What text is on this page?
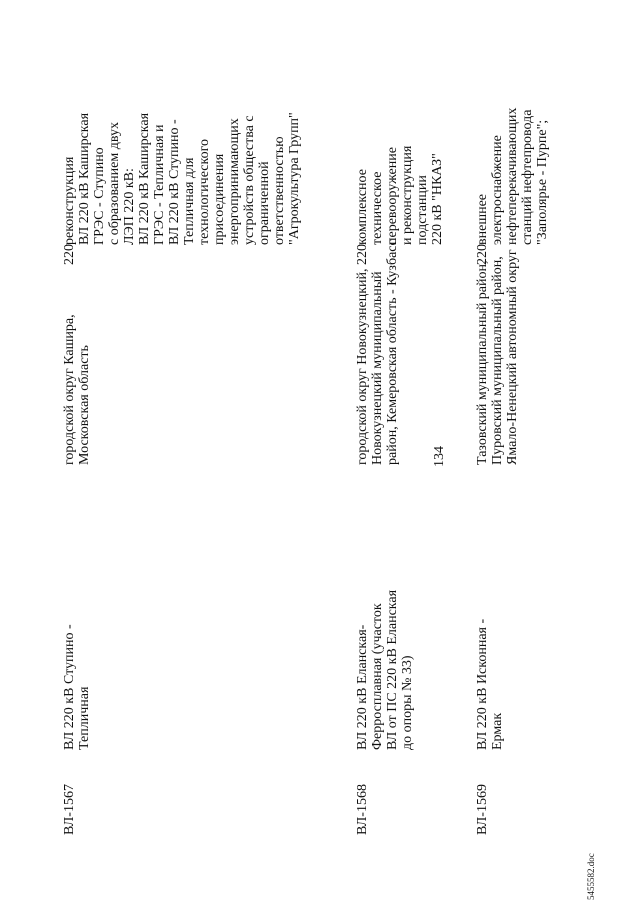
134
5455582.doc
ВЛ-1567
ВЛ 220 кВ Ступино - Тепличная
городской округ Кашира, Московская область
220
реконструкция ВЛ 220 кВ Каширская ГРЭС - Ступино с образованием двух ЛЭП 220 кВ: ВЛ 220 кВ Каширская ГРЭС - Тепличная и ВЛ 220 кВ Ступино - Тепличная для технологического присоединения энергопринимающих устройств общества с ограниченной ответственностью "Агрокультура Групп"
ВЛ-1568
ВЛ 220 кВ Еланская- Ферросплавная (участок ВЛ от ПС 220 кВ Еланская до опоры № 33)
городской округ Новокузнецкий, Новокузнецкий муниципальный район, Кемеровская область - Кузбасс
220
комплексное техническое перевооружение и реконструкция подстанции 220 кВ "НКАЗ"
ВЛ-1569
ВЛ 220 кВ Исконная - Ермак
Тазовский муниципальный район, Пуровский муниципальный район, Ямало-Ненецкий автономный округ
220
внешнее электроснабжение нефтеперекачивающих станций нефтепровода "Заполярье - Пурпе";
